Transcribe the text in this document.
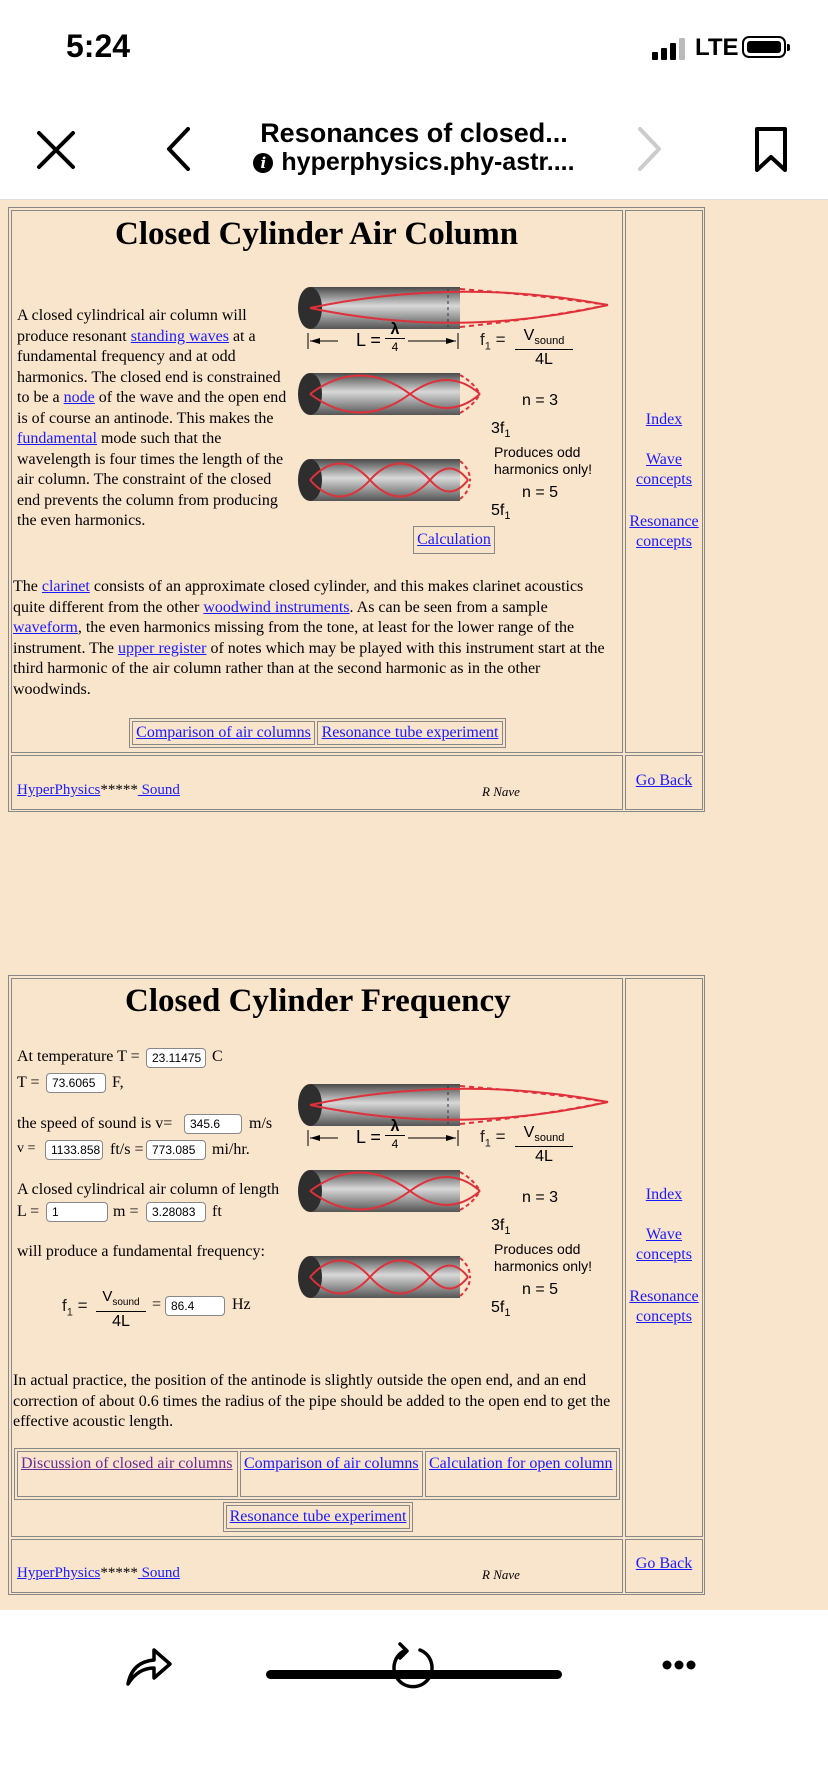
5:24	LTE
Resonances of closed...
i hyperphysics.phy-astr....
Closed Cylinder Air Column
A closed cylindrical air column will produce resonant standing waves at a fundamental frequency and at odd harmonics. The closed end is constrained to be a node of the wave and the open end is of course an antinode. This makes the fundamental mode such that the wavelength is four times the length of the air column. The constraint of the closed end prevents the column from producing the even harmonics.
L =
λ
4	$f_1$ =	$V_{sound}$
4L
n = 3
$3f_1$
Produces odd
harmonics only!
n = 5
$5f_1$
Calculation
The clarinet consists of an approximate closed cylinder, and this makes clarinet acoustics quite different from the other woodwind instruments. As can be seen from a sample waveform, the even harmonics missing from the tone, at least for the lower range of the instrument. The upper register of notes which may be played with this instrument start at the third harmonic of the air column rather than at the second harmonic as in the other woodwinds.
Comparison of air columns Resonance tube experiment
Index
Wave
concepts
Resonance
concepts
HyperPhysics***** Sound	R Nave
Go Back
Closed Cylinder Frequency
At temperature T =	23.11475 C
T =	73.6065	F,
the speed of sound is v=	345.6	m/s
v =	1133.858 ft/s = 773.085	mi/hr.
A closed cylindrical air column of length
L =	1	m =	3.28083	ft
will produce a fundamental frequency:
$f_1 = V_{sound}$
4L
= 86.4	Hz
L =
λ
4	$f_1$ =	$V_{sound}$
4L
n = 3
$3f_1$
Produces odd
harmonics only!
n = 5
$5f_1$
In actual practice, the position of the antinode is slightly outside the open end, and an end correction of about 0.6 times the radius of the pipe should be added to the open end to get the effective acoustic length.
Discussion of closed air columns Comparison of air columns Calculation for open column
Resonance tube experiment
Index
Wave
concepts
Resonance
concepts
HyperPhysics***** Sound	R Nave
Go Back
